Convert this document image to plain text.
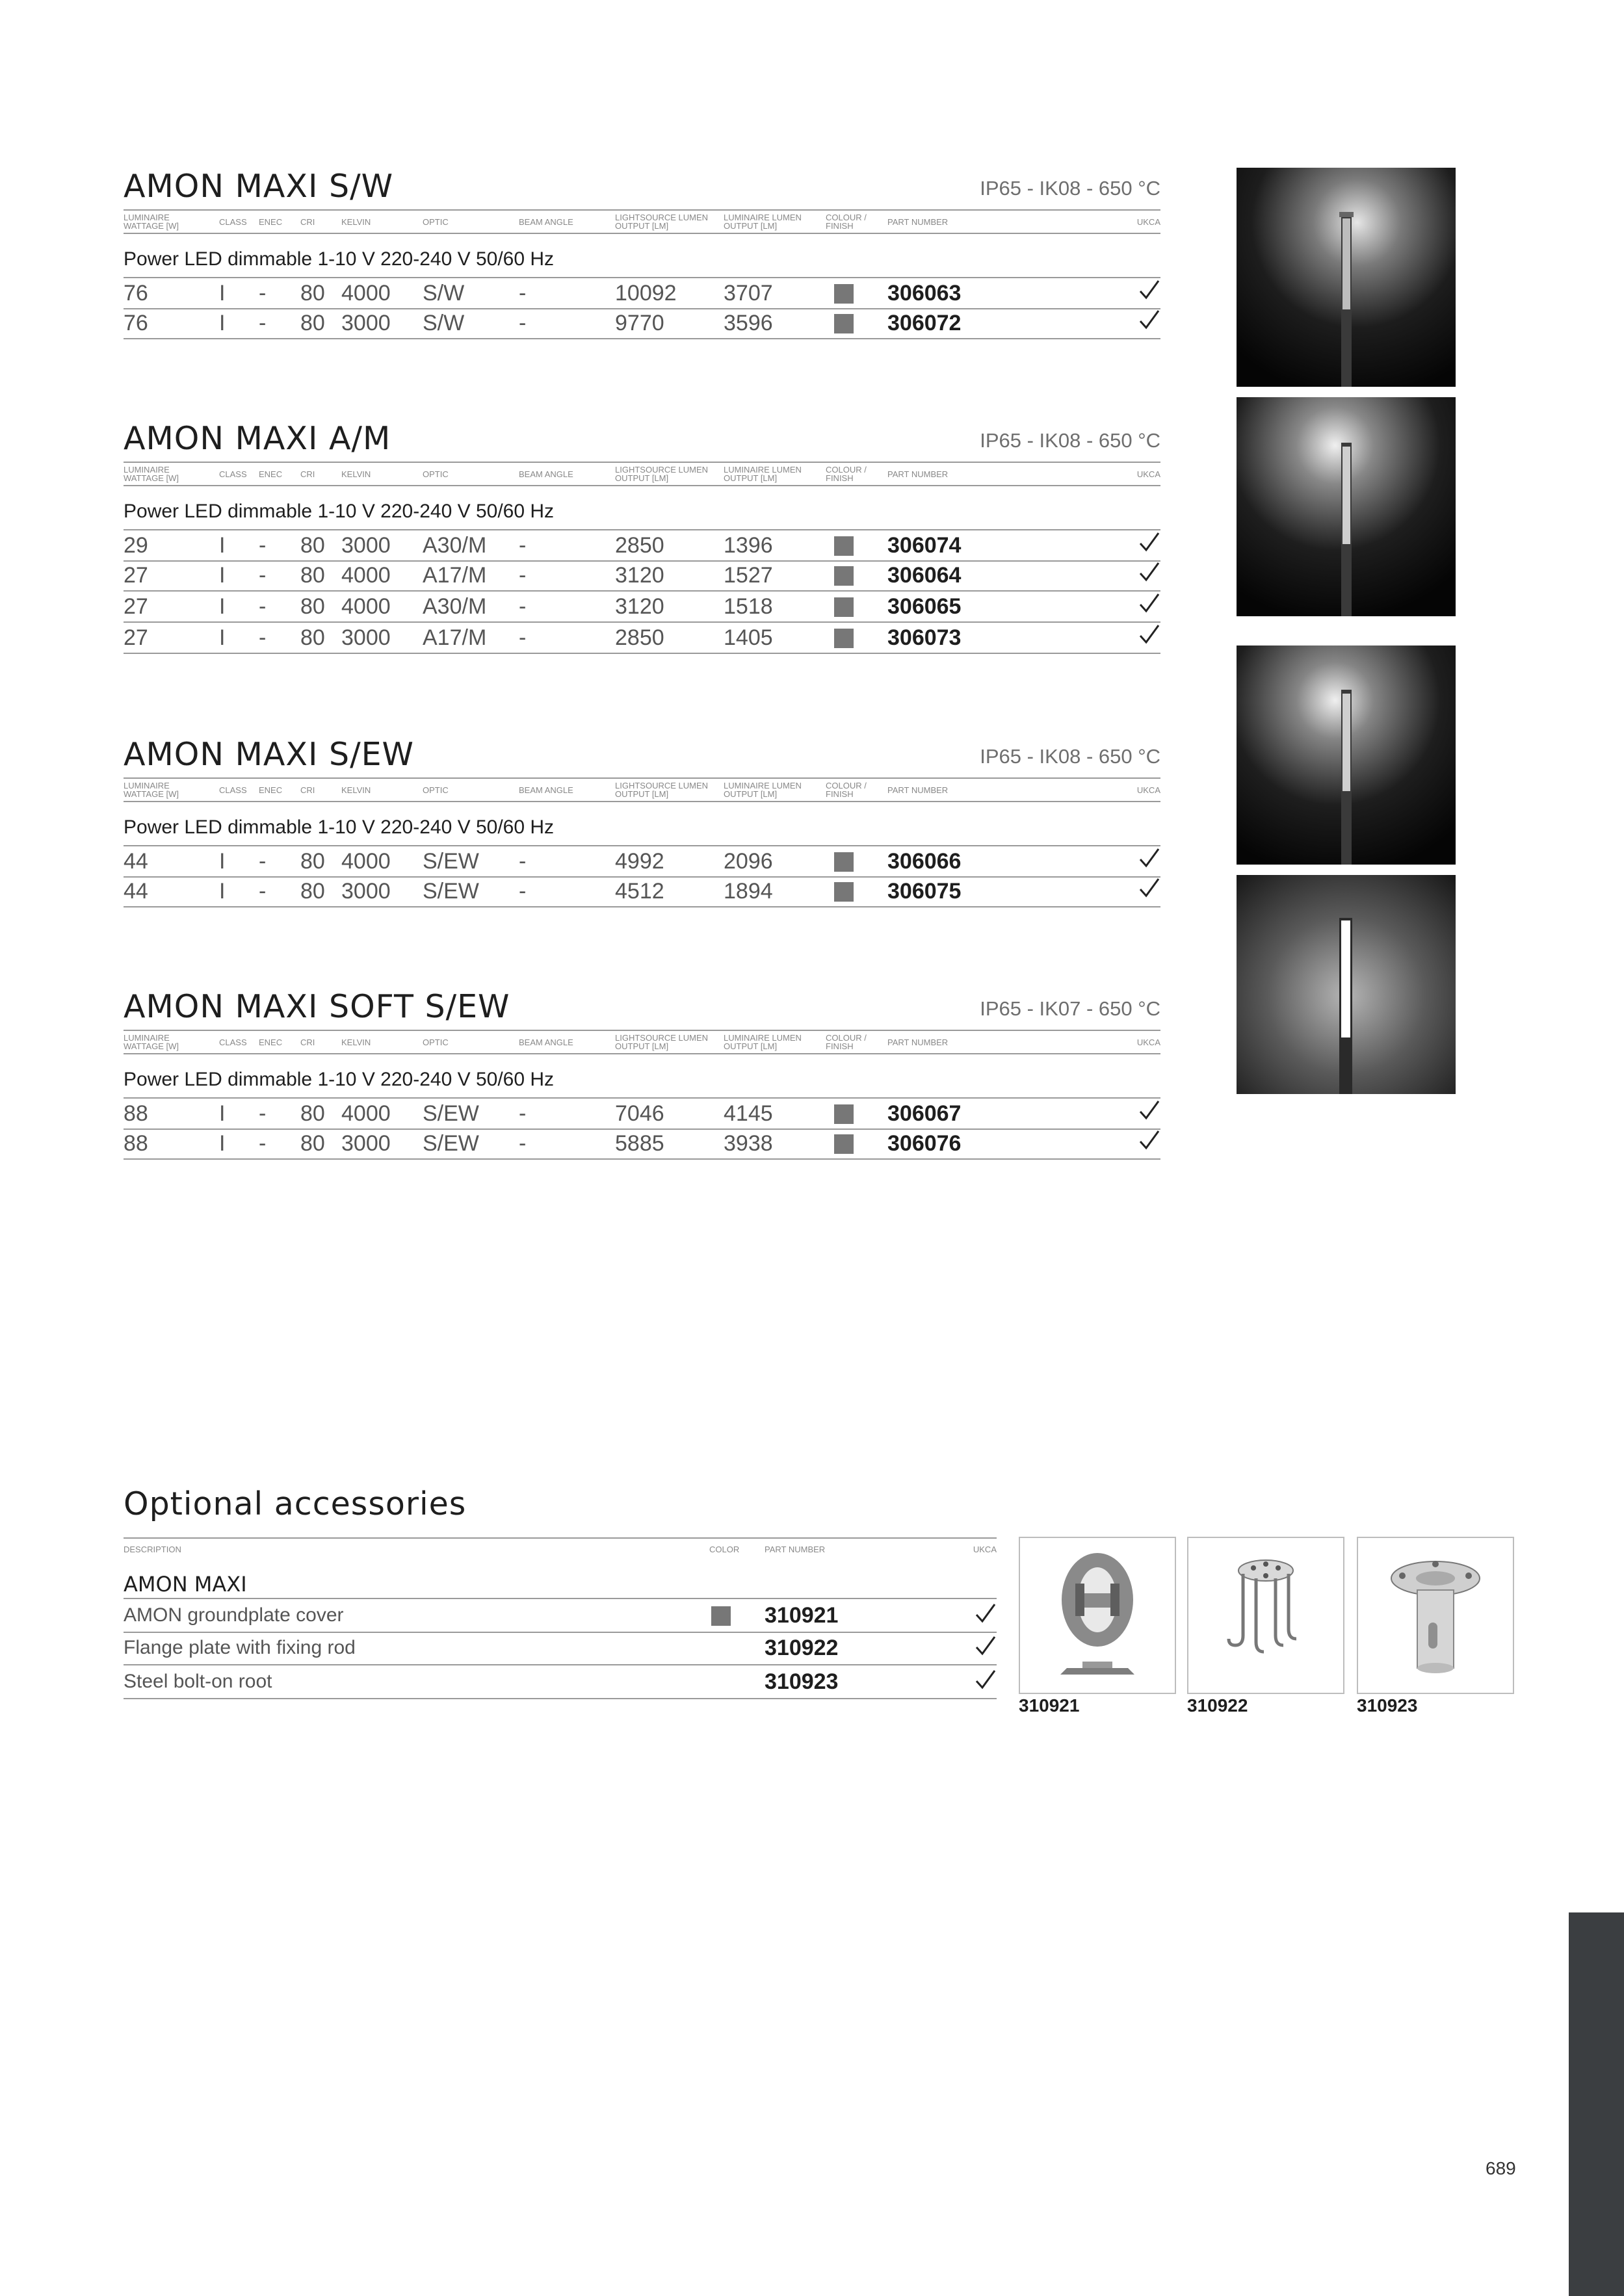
AMON MAXI S/W	IP65 - IK08 - 650 °C
LUMINAIRE
WATTAGE [W]	CLASS ENEC CRI	KELVIN	OPTIC	BEAM ANGLE	LIGHTSOURCE LUMEN
OUTPUT [LM]
LUMINAIRE LUMEN
OUTPUT [LM]
COLOUR /
FINISH	PART NUMBER	UKCA
Power LED dimmable 1-10 V 220-240 V 50/60 Hz
76	I - 80 4000 S/W -	10092 3707	306063
76	I - 80 3000 S/W -	9770	3596	306072
AMON MAXI A/M	IP65 - IK08 - 650 °C
LUMINAIRE
WATTAGE [W]	CLASS ENEC CRI	KELVIN	OPTIC	BEAM ANGLE	LIGHTSOURCE LUMEN
OUTPUT [LM]
LUMINAIRE LUMEN
OUTPUT [LM]
COLOUR /
FINISH	PART NUMBER	UKCA
Power LED dimmable 1-10 V 220-240 V 50/60 Hz
29	I - 80 3000 A30/M -	2850	1396	306074
27	I - 80 4000 A17/M -	3120	1527	306064
27	I - 80 4000 A30/M -	3120	1518	306065
27	I - 80 3000 A17/M -	2850	1405	306073
AMON MAXI S/EW	IP65 - IK08 - 650 °C
LUMINAIRE
WATTAGE [W]	CLASS ENEC CRI	KELVIN	OPTIC	BEAM ANGLE	LIGHTSOURCE LUMEN
OUTPUT [LM]
LUMINAIRE LUMEN
OUTPUT [LM]
COLOUR /
FINISH	PART NUMBER	UKCA
Power LED dimmable 1-10 V 220-240 V 50/60 Hz
44	I - 80 4000 S/EW -	4992	2096	306066
44	I - 80 3000 S/EW -	4512	1894	306075
AMON MAXI SOFT S/EW	IP65 - IK07 - 650 °C
LUMINAIRE
WATTAGE [W]	CLASS ENEC CRI	KELVIN	OPTIC	BEAM ANGLE	LIGHTSOURCE LUMEN
OUTPUT [LM]
LUMINAIRE LUMEN
OUTPUT [LM]
COLOUR /
FINISH	PART NUMBER	UKCA
Power LED dimmable 1-10 V 220-240 V 50/60 Hz
88	I - 80 4000 S/EW -	7046	4145	306067
88	I - 80 3000 S/EW -	5885	3938	306076
Optional accessories
DESCRIPTION	COLOR	PART NUMBER	UKCA
AMON MAXI
AMON groundplate cover	310921
Flange plate with fixing rod	310922
Steel bolt-on root	310923
310921	310922	310923
689
